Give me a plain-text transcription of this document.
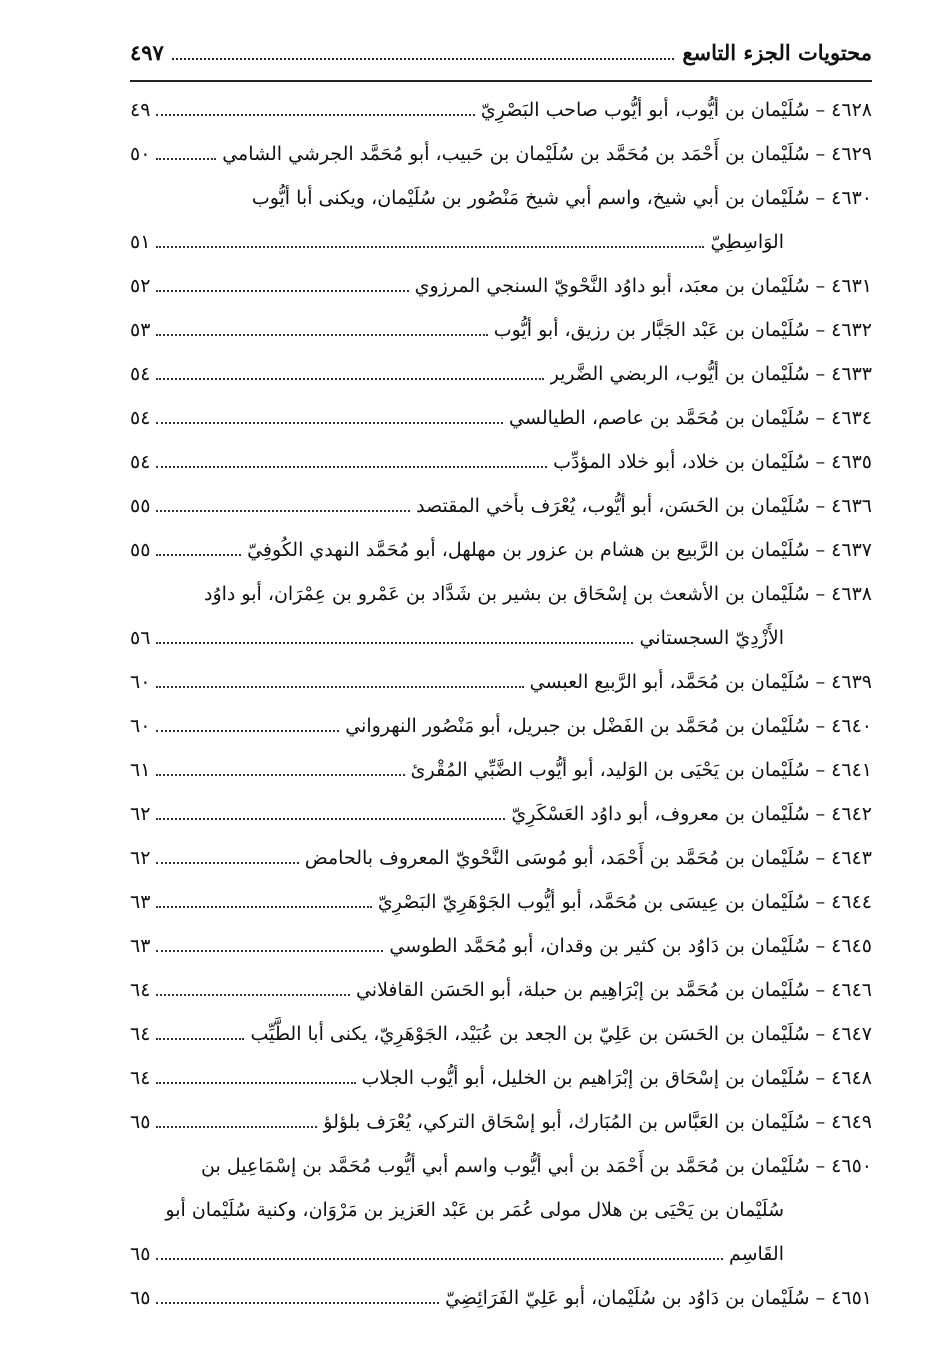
محتويات الجزء التاسع
٤٩٧
٤٦٢٨ – سُلَيْمان بن أيُّوب، أبو أيُّوب صاحب البَصْرِيّ
٤٩
٤٦٢٩ – سُلَيْمان بن أَحْمَد بن مُحَمَّد بن سُلَيْمان بن حَبيب، أبو مُحَمَّد الجرشي الشامي
٥٠
٤٦٣٠ – سُلَيْمان بن أبي شيخ، واسم أبي شيخ مَنْصُور بن سُلَيْمان، ويكنى أبا أيُّوب
الوَاسِطِيّ
٥١
٤٦٣١ – سُلَيْمان بن معبَد، أبو داوُد النَّحْويّ السنجي المرزوي
٥٢
٤٦٣٢ – سُلَيْمان بن عَبْد الجَبَّار بن رزيق، أبو أيُّوب
٥٣
٤٦٣٣ – سُلَيْمان بن أيُّوب، الربضي الضَّرير
٥٤
٤٦٣٤ – سُلَيْمان بن مُحَمَّد بن عاصم، الطيالسي
٥٤
٤٦٣٥ – سُلَيْمان بن خلاد، أبو خلاد المؤدِّب
٥٤
٤٦٣٦ – سُلَيْمان بن الحَسَن، أبو أيُّوب، يُعْرَف بأخي المقتصد
٥٥
٤٦٣٧ – سُلَيْمان بن الرَّبيع بن هشام بن عزور بن مهلهل، أبو مُحَمَّد النهدي الكُوفِيّ
٥٥
٤٦٣٨ – سُلَيْمان بن الأشعث بن إسْحَاق بن بشير بن شَدَّاد بن عَمْرو بن عِمْرَان، أبو داوُد
الأَزْدِيّ السجستاني
٥٦
٤٦٣٩ – سُلَيْمان بن مُحَمَّد، أبو الرَّبيع العبسي
٦٠
٤٦٤٠ – سُلَيْمان بن مُحَمَّد بن الفَضْل بن جبريل، أبو مَنْصُور النهرواني
٦٠
٤٦٤١ – سُلَيْمان بن يَحْيَى بن الوَليد، أبو أيُّوب الضَّبِّي المُقْرئ
٦١
٤٦٤٢ – سُلَيْمان بن معروف، أبو داوُد العَسْكَرِيّ
٦٢
٤٦٤٣ – سُلَيْمان بن مُحَمَّد بن أَحْمَد، أبو مُوسَى النَّحْويّ المعروف بالحامض
٦٢
٤٦٤٤ – سُلَيْمان بن عِيسَى بن مُحَمَّد، أبو أيُّوب الجَوْهَرِيّ البَصْرِيّ
٦٣
٤٦٤٥ – سُلَيْمان بن دَاوُد بن كثير بن وقدان، أبو مُحَمَّد الطوسي
٦٣
٤٦٤٦ – سُلَيْمان بن مُحَمَّد بن إبْرَاهِيم بن حبلة، أبو الحَسَن القافلاني
٦٤
٤٦٤٧ – سُلَيْمان بن الحَسَن بن عَلِيّ بن الجعد بن عُبَيْد، الجَوْهَرِيّ، يكنى أبا الطَّيِّب
٦٤
٤٦٤٨ – سُلَيْمان بن إسْحَاق بن إبْرَاهيم بن الخليل، أبو أيُّوب الجلاب
٦٤
٤٦٤٩ – سُلَيْمان بن العَبَّاس بن المُبَارك، أبو إسْحَاق التركي، يُعْرَف بلؤلؤ
٦٥
٤٦٥٠ – سُلَيْمان بن مُحَمَّد بن أَحْمَد بن أبي أيُّوب واسم أبي أيُّوب مُحَمَّد بن إسْمَاعِيل بن
سُلَيْمان بن يَحْيَى بن هلال مولى عُمَر بن عَبْد العَزيز بن مَرْوَان، وكنية سُلَيْمان أبو
القَاسِم
٦٥
٤٦٥١ – سُلَيْمان بن دَاوُد بن سُلَيْمان، أبو عَلِيّ الفَرَائِضِيّ
٦٥
